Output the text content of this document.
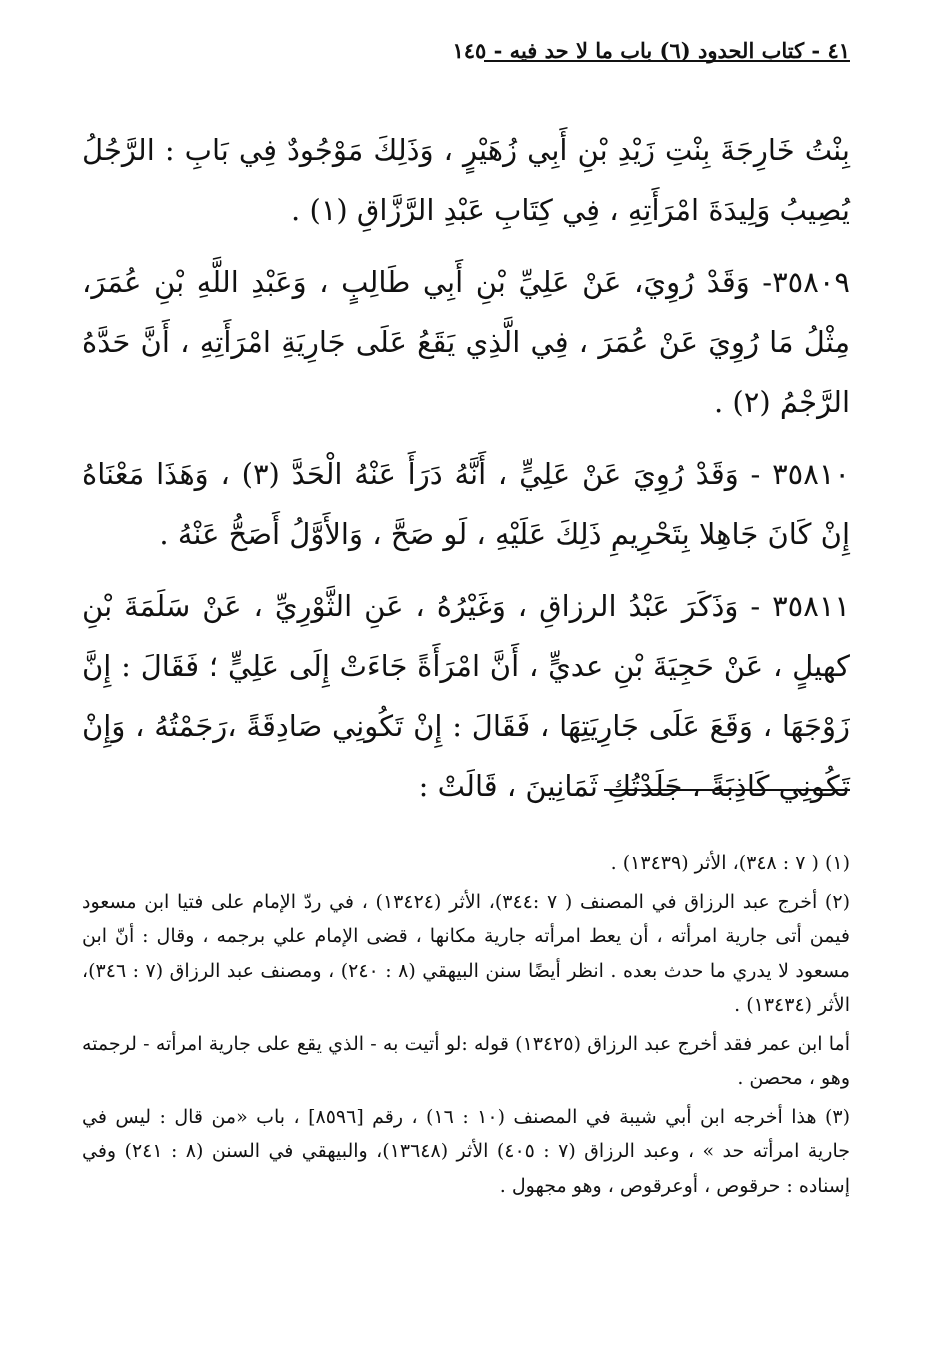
٤١ - كتاب الحدود (٦) باب ما لا حد فيه - ١٤٥

بِنْتُ خَارِجَةَ بِنْتِ زَيْدِ بْنِ أَبِي زُهَيْرٍ ، وَذَلِكَ مَوْجُودٌ فِي بَابِ : الرَّجُلُ يُصِيبُ وَلِيدَةَ امْرَأَتِهِ ، فِي كِتَابِ عَبْدِ الرَّزَّاقِ (١) .

٣٥٨٠٩- وَقَدْ رُوِيَ، عَنْ عَلِيِّ بْنِ أَبِي طَالِبٍ ، وَعَبْدِ اللَّهِ بْنِ عُمَرَ، مِثْلُ مَا رُوِيَ عَنْ عُمَرَ ، فِي الَّذِي يَقَعُ عَلَى جَارِيَةِ امْرَأَتِهِ ، أَنَّ حَدَّهُ الرَّجْمُ (٢) .

٣٥٨١٠ - وَقَدْ رُوِيَ عَنْ عَلِيٍّ ، أَنَّهُ دَرَأَ عَنْهُ الْحَدَّ (٣) ، وَهَذَا مَعْنَاهُ إِنْ كَانَ جَاهِلا بِتَحْرِيمِ ذَلِكَ عَلَيْهِ ، لَو صَحَّ ، وَالأَوَّلُ أَصَحُّ عَنْهُ .

٣٥٨١١ - وَذَكَرَ عَبْدُ الرزاقِ ، وَغَيْرُهُ ، عَنِ الثَّوْرِيِّ ، عَنْ سَلَمَةَ بْنِ كهيلٍ ، عَنْ حَجِيَةَ بْنِ عديٍّ ، أَنَّ امْرَأَةً جَاءَتْ إِلَى عَلِيٍّ ؛ فَقَالَ : إِنَّ زَوْجَهَا ، وَقَعَ عَلَى جَارِيَتِهَا ، فَقَالَ : إِنْ تَكُونِي صَادِقَةً ،رَجَمْتُهُ ، وَإِنْ تَكُونِي كَاذِبَةً ، جَلَدْتُكِ ثَمَانِينَ ، قَالَتْ :

(١) ( ٧ : ٣٤٨)، الأثر (١٣٤٣٩) .

(٢) أخرج عبد الرزاق في المصنف ( ٧ :٣٤٤)، الأثر (١٣٤٢٤) ، في ردّ الإمام على فتيا ابن مسعود فيمن أتى جارية امرأته ، أن يعط امرأته جارية مكانها ، قضى الإمام علي برجمه ، وقال : أنّ ابن مسعود لا يدري ما حدث بعده . انظر أيضًا سنن البيهقي (٨ : ٢٤٠) ، ومصنف عبد الرزاق (٧ : ٣٤٦)، الأثر (١٣٤٣٤) .

أما ابن عمر فقد أخرج عبد الرزاق (١٣٤٢٥) قوله :لو أتيت به - الذي يقع على جارية امرأته - لرجمته وهو ، محصن .

(٣) هذا أخرجه ابن أبي شيبة في المصنف (١٠ : ١٦) ، رقم [٨٥٩٦] ، باب «من قال : ليس في جارية امرأته حد » ، وعبد الرزاق (٧ : ٤٠٥) الأثر (١٣٦٤٨)، والبيهقي في السنن (٨ : ٢٤١) وفي إسناده : حرقوص ، أوعرقوص ، وهو مجهول .
